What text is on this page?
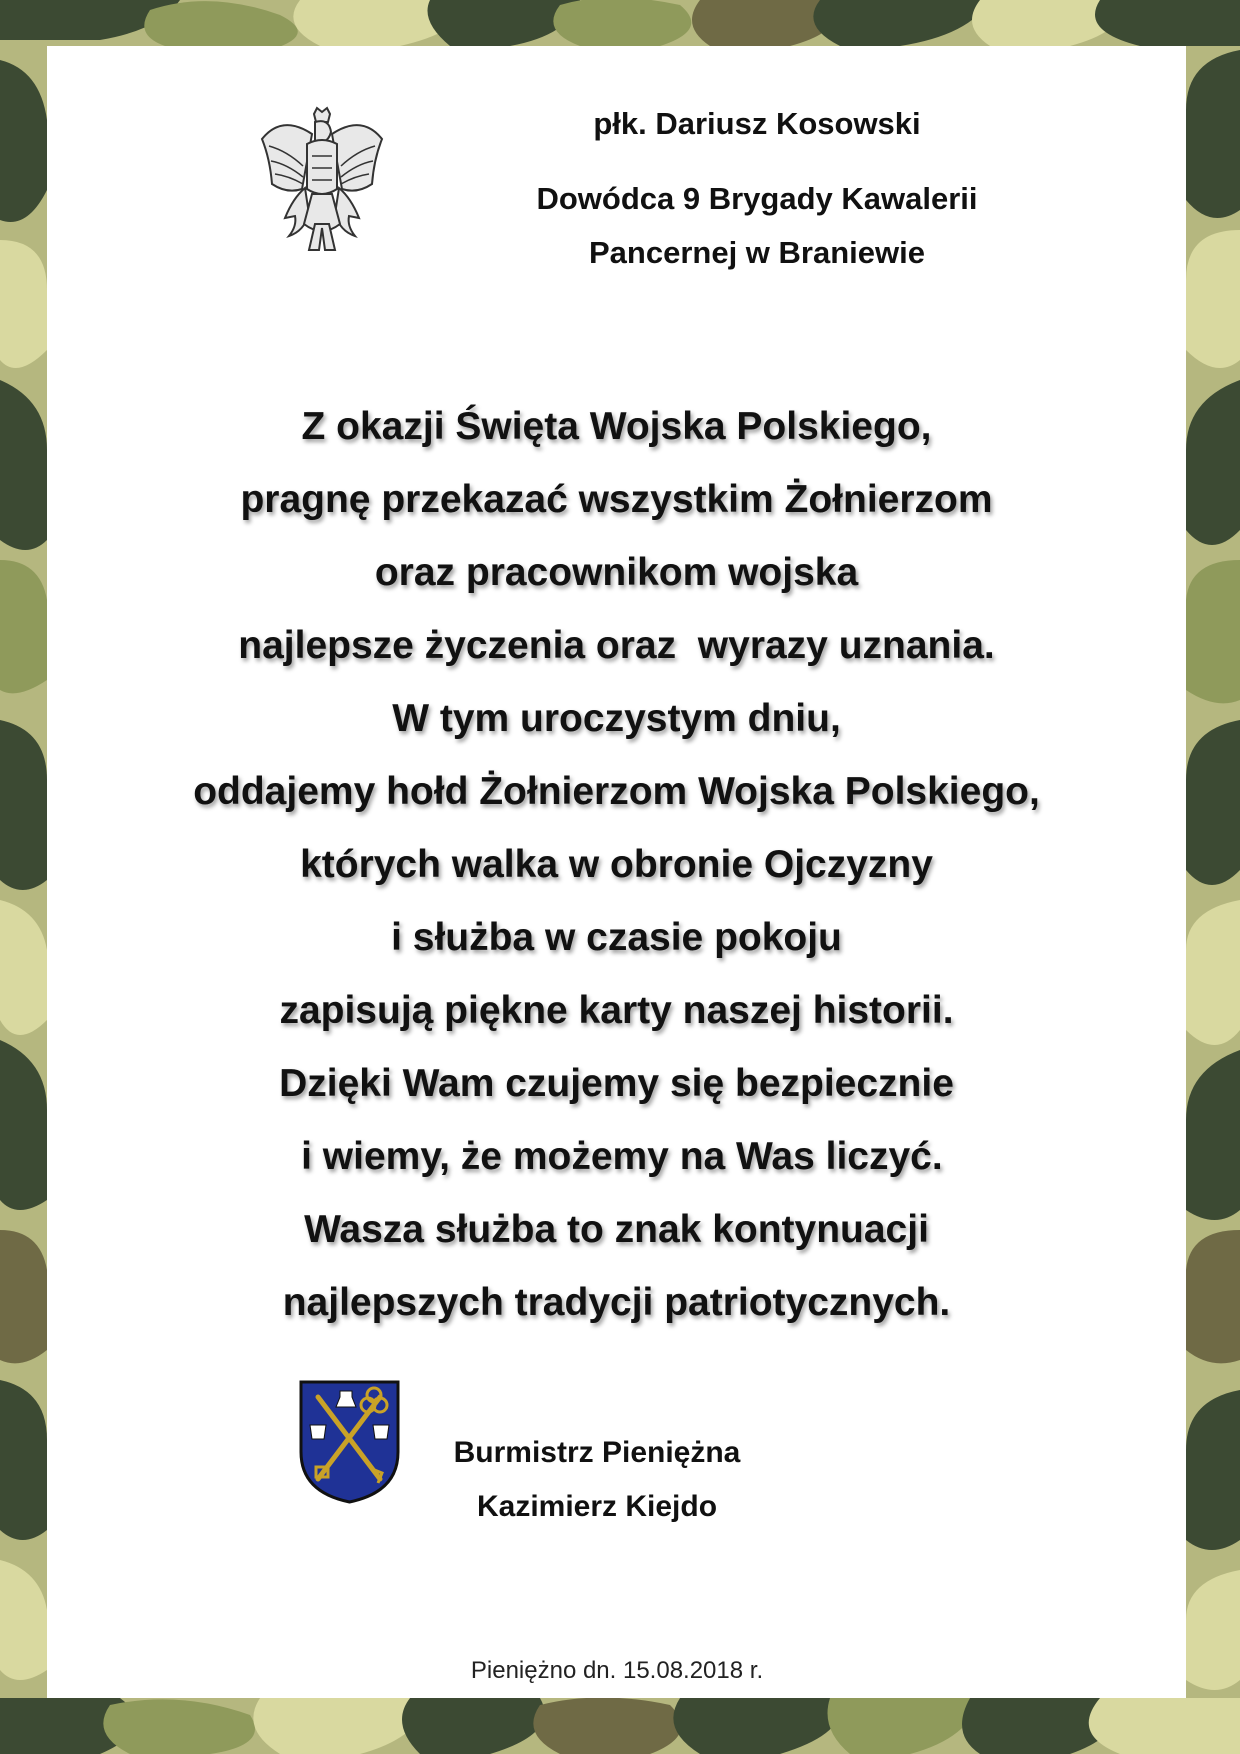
płk. Dariusz Kosowski
Dowódca 9 Brygady Kawalerii
Pancernej w Braniewie
Z okazji Święta Wojska Polskiego,
pragnę przekazać wszystkim Żołnierzom
oraz pracownikom wojska
najlepsze życzenia oraz  wyrazy uznania.
W tym uroczystym dniu,
oddajemy hołd Żołnierzom Wojska Polskiego,
których walka w obronie Ojczyzny
i służba w czasie pokoju
zapisują piękne karty naszej historii.
Dzięki Wam czujemy się bezpiecznie
i wiemy, że możemy na Was liczyć.
Wasza służba to znak kontynuacji
najlepszych tradycji patriotycznych.
Burmistrz Pieniężna
Kazimierz Kiejdo
Pieniężno dn. 15.08.2018 r.
